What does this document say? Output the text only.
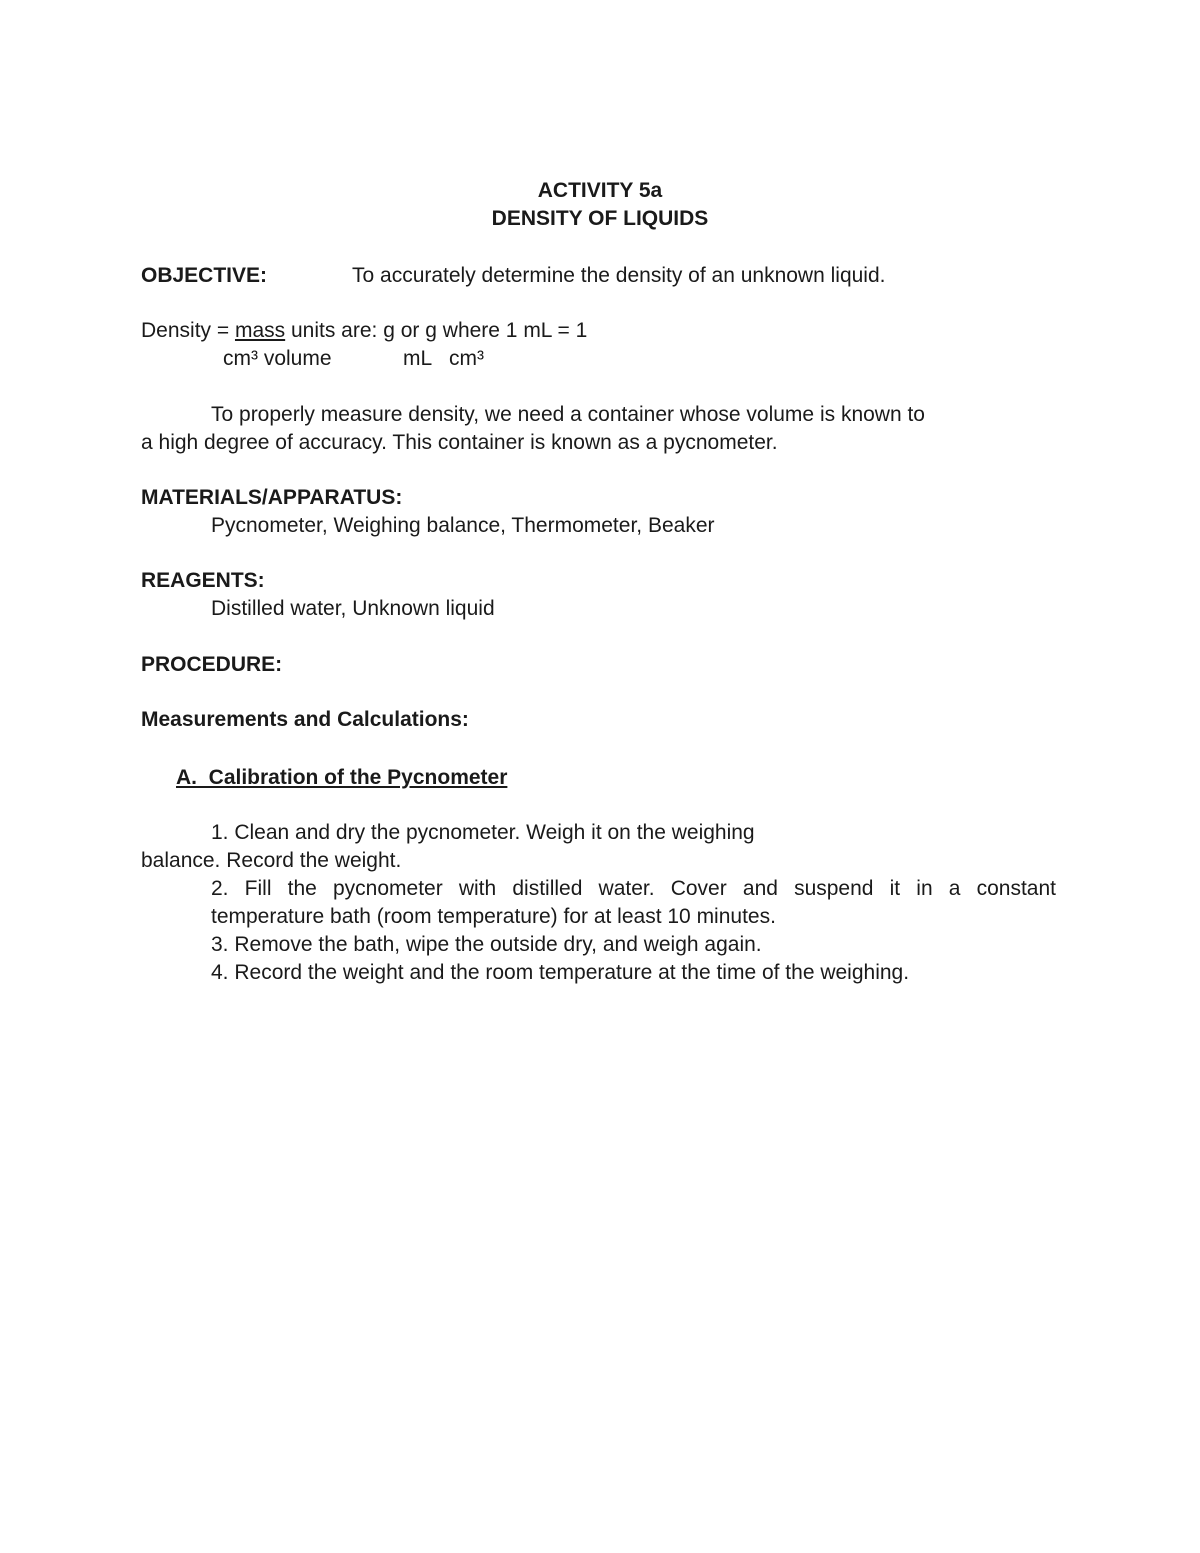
ACTIVITY 5a
DENSITY OF LIQUIDS
OBJECTIVE:	To accurately determine the density of an unknown liquid.
Density = mass units are: g or g where 1 mL = 1
cm³ volume	mL cm³
To properly measure density, we need a container whose volume is known to
a high degree of accuracy. This container is known as a pycnometer.
MATERIALS/APPARATUS:
Pycnometer, Weighing balance, Thermometer, Beaker
REAGENTS:
Distilled water, Unknown liquid
PROCEDURE:
Measurements and Calculations:
A.  Calibration of the Pycnometer
1. Clean and dry the pycnometer. Weigh it on the weighing
balance. Record the weight.
2. Fill the pycnometer with distilled water. Cover and suspend it in a constant
temperature bath (room temperature) for at least 10 minutes.
3. Remove the bath, wipe the outside dry, and weigh again.
4. Record the weight and the room temperature at the time of the weighing.
